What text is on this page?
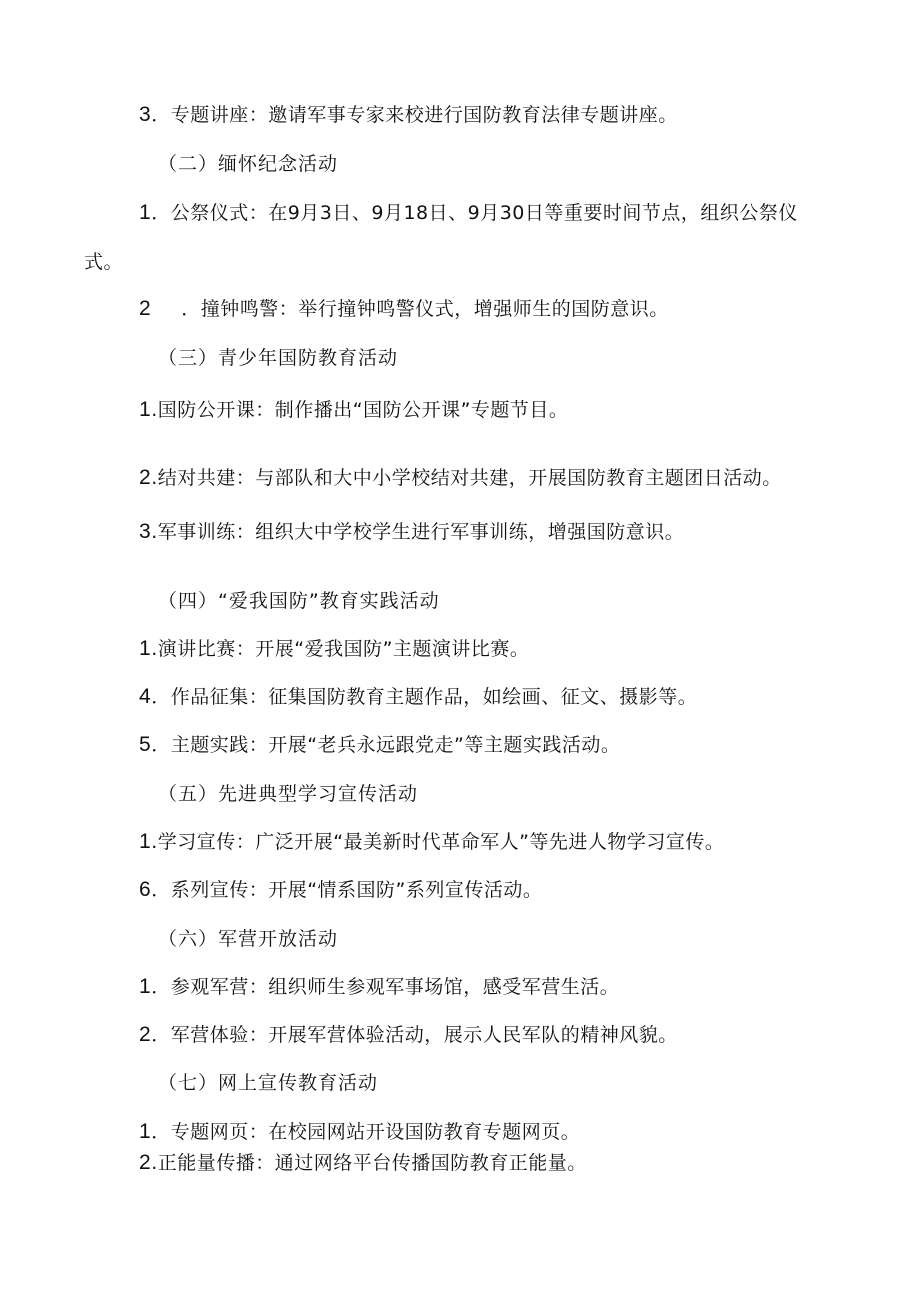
3．专题讲座：邀请军事专家来校进行国防教育法律专题讲座。
（二）缅怀纪念活动
1．公祭仪式：在9月3日、9月18日、9月30日等重要时间节点，组织公祭仪
式。
2 ．撞钟鸣警：举行撞钟鸣警仪式，增强师生的国防意识。
（三）青少年国防教育活动
1.国防公开课：制作播出“国防公开课”专题节目。
2.结对共建：与部队和大中小学校结对共建，开展国防教育主题团日活动。
3.军事训练：组织大中学校学生进行军事训练，增强国防意识。
（四）“爱我国防”教育实践活动
1.演讲比赛：开展“爱我国防”主题演讲比赛。
4．作品征集：征集国防教育主题作品，如绘画、征文、摄影等。
5．主题实践：开展“老兵永远跟党走”等主题实践活动。
（五）先进典型学习宣传活动
1.学习宣传：广泛开展“最美新时代革命军人”等先进人物学习宣传。
6．系列宣传：开展“情系国防”系列宣传活动。
（六）军营开放活动
1．参观军营：组织师生参观军事场馆，感受军营生活。
2．军营体验：开展军营体验活动，展示人民军队的精神风貌。
（七）网上宣传教育活动
1．专题网页：在校园网站开设国防教育专题网页。
2.正能量传播：通过网络平台传播国防教育正能量。
